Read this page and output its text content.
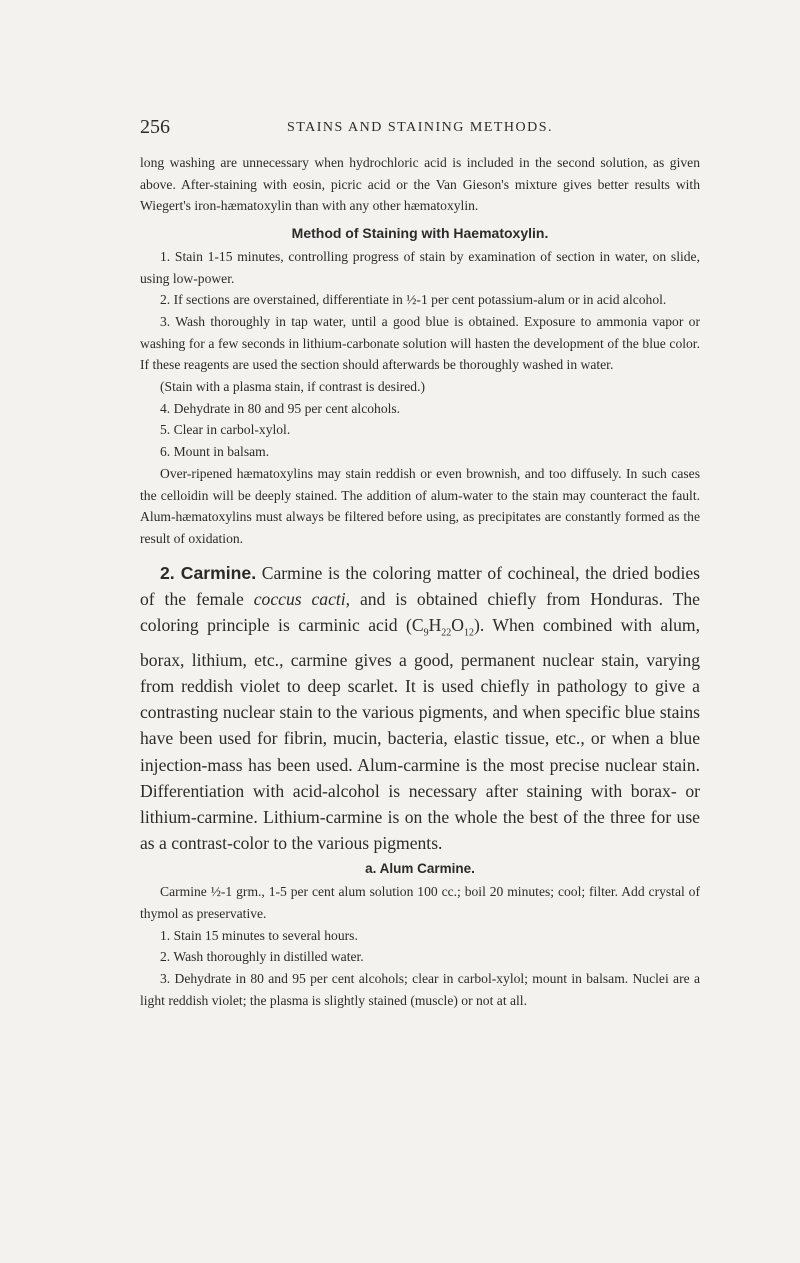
256	STAINS AND STAINING METHODS.

long washing are unnecessary when hydrochloric acid is included in the second solution, as given above. After-staining with eosin, picric acid or the Van Gieson's mixture gives better results with Wiegert's iron-hæmatoxylin than with any other hæmatoxylin.

Method of Staining with Haematoxylin.

1. Stain 1-15 minutes, controlling progress of stain by examination of section in water, on slide, using low-power.

2. If sections are overstained, differentiate in ½-1 per cent potassium-alum or in acid alcohol.

3. Wash thoroughly in tap water, until a good blue is obtained. Exposure to ammonia vapor or washing for a few seconds in lithium-carbonate solution will hasten the development of the blue color. If these reagents are used the section should afterwards be thoroughly washed in water.

(Stain with a plasma stain, if contrast is desired.)

4. Dehydrate in 80 and 95 per cent alcohols.

5. Clear in carbol-xylol.

6. Mount in balsam.

Over-ripened hæmatoxylins may stain reddish or even brownish, and too diffusely. In such cases the celloidin will be deeply stained. The addition of alum-water to the stain may counteract the fault. Alum-hæmatoxylins must always be filtered before using, as precipitates are constantly formed as the result of oxidation.

2. Carmine. Carmine is the coloring matter of cochineal, the dried bodies of the female coccus cacti, and is obtained chiefly from Honduras. The coloring principle is carminic acid $(C_9H_{22}O_{12})$. When combined with alum, borax, lithium, etc., carmine gives a good, permanent nuclear stain, varying from reddish violet to deep scarlet. It is used chiefly in pathology to give a contrasting nuclear stain to the various pigments, and when specific blue stains have been used for fibrin, mucin, bacteria, elastic tissue, etc., or when a blue injection-mass has been used. Alum-carmine is the most precise nuclear stain. Differentiation with acid-alcohol is necessary after staining with borax- or lithium-carmine. Lithium-carmine is on the whole the best of the three for use as a contrast-color to the various pigments.

a. Alum Carmine.

Carmine ½-1 grm., 1-5 per cent alum solution 100 cc.; boil 20 minutes; cool; filter. Add crystal of thymol as preservative.

1. Stain 15 minutes to several hours.

2. Wash thoroughly in distilled water.

3. Dehydrate in 80 and 95 per cent alcohols; clear in carbol-xylol; mount in balsam. Nuclei are a light reddish violet; the plasma is slightly stained (muscle) or not at all.
